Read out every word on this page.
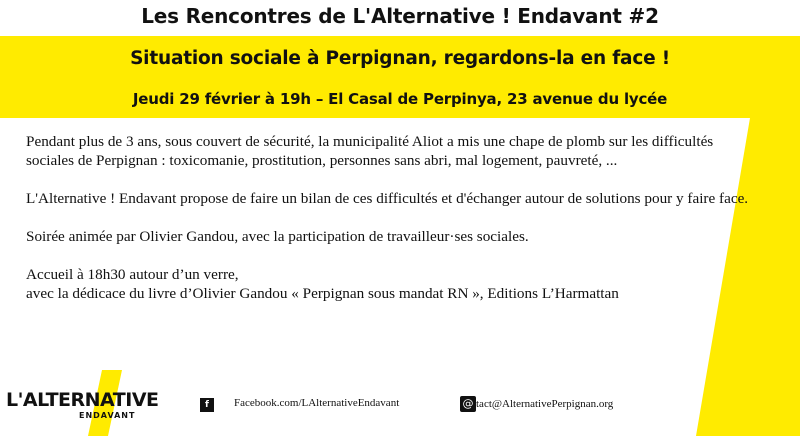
Les Rencontres de L'Alternative ! Endavant #2
Situation sociale à Perpignan, regardons-la en face !
Jeudi 29 février à 19h – El Casal de Perpinya, 23 avenue du lycée

Pendant plus de 3 ans, sous couvert de sécurité, la municipalité Aliot a mis une chape de plomb sur les difficultés sociales de Perpignan : toxicomanie, prostitution, personnes sans abri, mal logement, pauvreté, ...

L'Alternative ! Endavant propose de faire un bilan de ces difficultés et d'échanger autour de solutions pour y faire face.

Soirée animée par Olivier Gandou, avec la participation de travailleur·ses sociales.

Accueil à 18h30 autour d’un verre,
avec la dédicace du livre d’Olivier Gandou « Perpignan sous mandat RN », Editions L’Harmattan

L'ALTERNATIVE
ENDAVANT
f	Facebook.com/LAlternativeEndavant	@ tact@AlternativePerpignan.org
